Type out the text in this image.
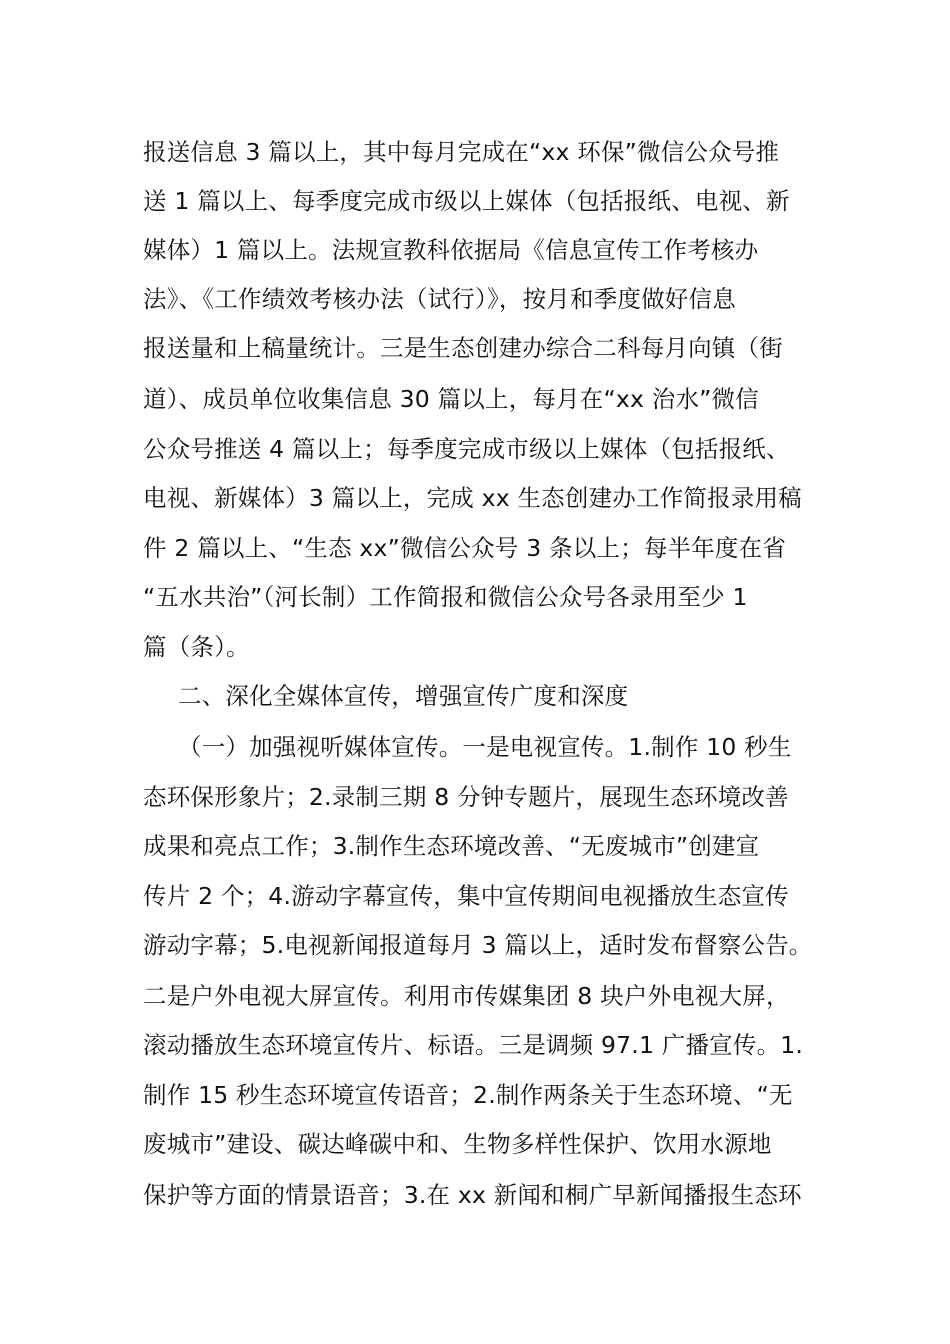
报送信息 3 篇以上，其中每月完成在“xx 环保”微信公众号推
送 1 篇以上、每季度完成市级以上媒体（包括报纸、电视、新
媒体）1 篇以上。法规宣教科依据局《信息宣传工作考核办
法》、《工作绩效考核办法（试行）》，按月和季度做好信息
报送量和上稿量统计。三是生态创建办综合二科每月向镇（街
道）、成员单位收集信息 30 篇以上，每月在“xx 治水”微信
公众号推送 4 篇以上；每季度完成市级以上媒体（包括报纸、
电视、新媒体）3 篇以上，完成 xx 生态创建办工作简报录用稿
件 2 篇以上、“生态 xx”微信公众号 3 条以上；每半年度在省
“五水共治”（河长制）工作简报和微信公众号各录用至少 1
篇（条）。
二、深化全媒体宣传，增强宣传广度和深度
（一）加强视听媒体宣传。一是电视宣传。1.制作 10 秒生
态环保形象片；2.录制三期 8 分钟专题片，展现生态环境改善
成果和亮点工作；3.制作生态环境改善、“无废城市”创建宣
传片 2 个；4.游动字幕宣传，集中宣传期间电视播放生态宣传
游动字幕；5.电视新闻报道每月 3 篇以上，适时发布督察公告。
二是户外电视大屏宣传。利用市传媒集团 8 块户外电视大屏，
滚动播放生态环境宣传片、标语。三是调频 97.1 广播宣传。1.
制作 15 秒生态环境宣传语音；2.制作两条关于生态环境、“无
废城市”建设、碳达峰碳中和、生物多样性保护、饮用水源地
保护等方面的情景语音；3.在 xx 新闻和桐广早新闻播报生态环
